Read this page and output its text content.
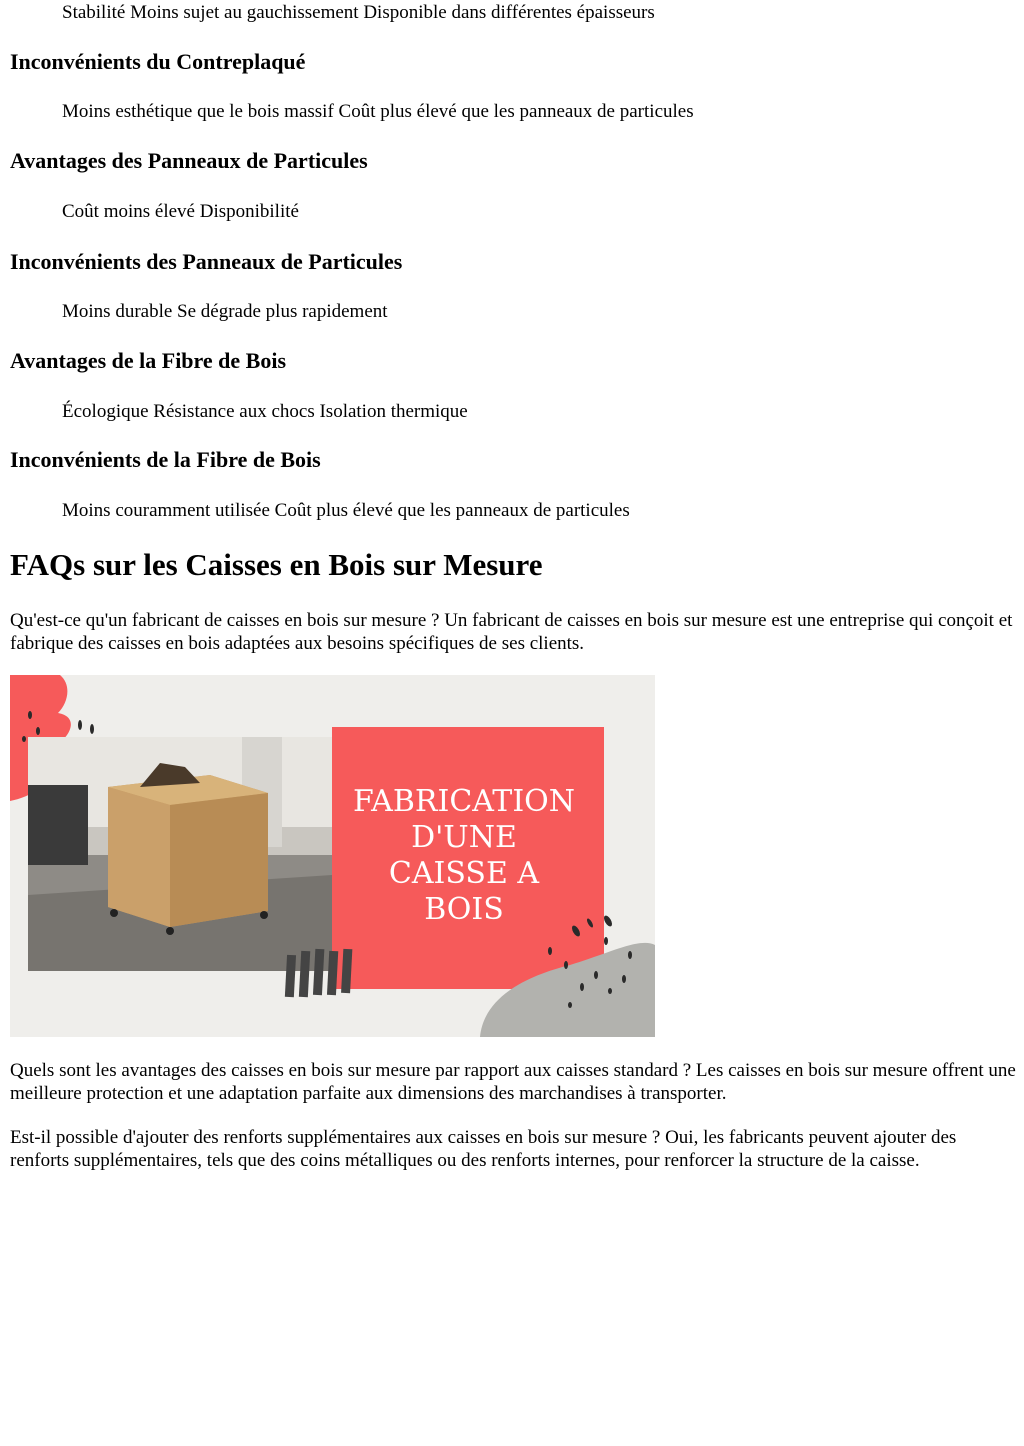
Stabilité Moins sujet au gauchissement Disponible dans différentes épaisseurs

Inconvénients du Contreplaqué

Moins esthétique que le bois massif Coût plus élevé que les panneaux de particules

Avantages des Panneaux de Particules

Coût moins élevé Disponibilité

Inconvénients des Panneaux de Particules

Moins durable Se dégrade plus rapidement

Avantages de la Fibre de Bois

Écologique Résistance aux chocs Isolation thermique

Inconvénients de la Fibre de Bois

Moins couramment utilisée Coût plus élevé que les panneaux de particules

FAQs sur les Caisses en Bois sur Mesure

Qu'est-ce qu'un fabricant de caisses en bois sur mesure ? Un fabricant de caisses en bois sur mesure est une entreprise qui conçoit et fabrique des caisses en bois adaptées aux besoins spécifiques de ses clients.

FABRICATION
D'UNE
CAISSE A
BOIS

Quels sont les avantages des caisses en bois sur mesure par rapport aux caisses standard ? Les caisses en bois sur mesure offrent une meilleure protection et une adaptation parfaite aux dimensions des marchandises à transporter.

Est-il possible d'ajouter des renforts supplémentaires aux caisses en bois sur mesure ? Oui, les fabricants peuvent ajouter des renforts supplémentaires, tels que des coins métalliques ou des renforts internes, pour renforcer la structure de la caisse.
